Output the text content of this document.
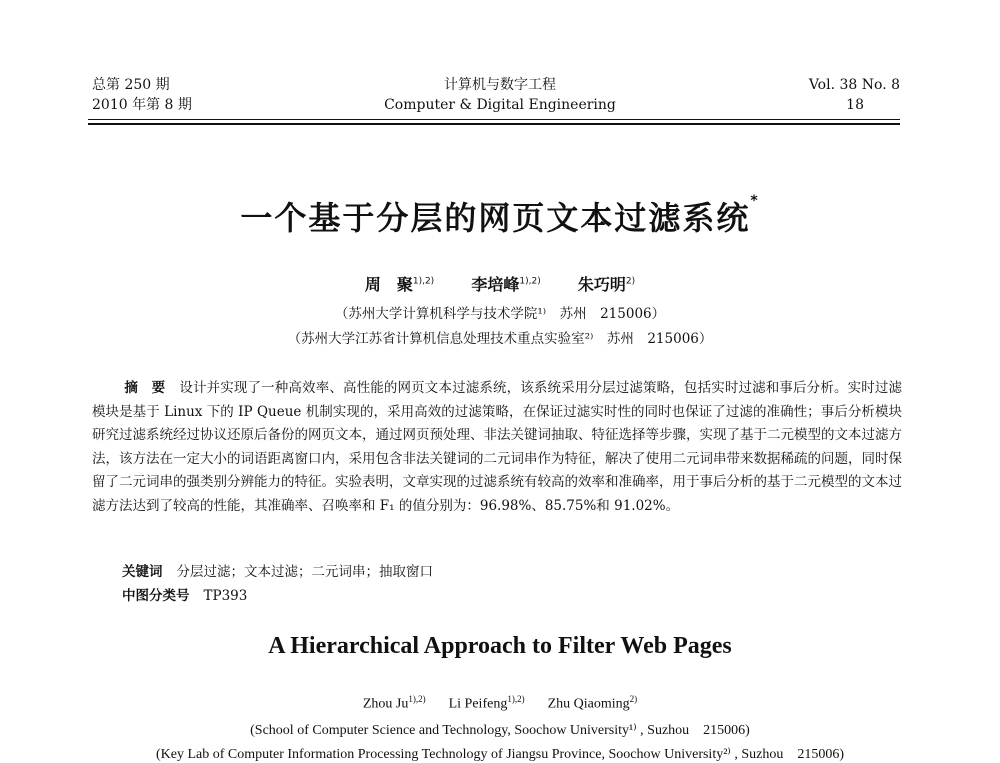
总第 250 期
2010 年第 8 期
计算机与数字工程
Computer & Digital Engineering
Vol. 38 No. 8
18
一个基于分层的网页文本过滤系统*
周　聚$^{1),2)}$ 李培峰$^{1),2)}$ 朱巧明$^{2)}$
（苏州大学计算机科学与技术学院¹⁾　苏州　215006）
（苏州大学江苏省计算机信息处理技术重点实验室²⁾　苏州　215006）

摘　要 设计并实现了一种高效率、高性能的网页文本过滤系统，该系统采用分层过滤策略，包括实时过滤和事后分析。实时过滤模块是基于 Linux 下的 IP Queue 机制实现的，采用高效的过滤策略，在保证过滤实时性的同时也保证了过滤的准确性；事后分析模块研究过滤系统经过协议还原后备份的网页文本，通过网页预处理、非法关键词抽取、特征选择等步骤，实现了基于二元模型的文本过滤方法，该方法在一定大小的词语距离窗口内，采用包含非法关键词的二元词串作为特征，解决了使用二元词串带来数据稀疏的问题，同时保留了二元词串的强类别分辨能力的特征。实验表明，文章实现的过滤系统有较高的效率和准确率，用于事后分析的基于二元模型的文本过滤方法达到了较高的性能，其准确率、召唤率和 F₁ 的值分别为：96.98%、85.75%和 91.02%。

关键词 分层过滤；文本过滤；二元词串；抽取窗口
中图分类号 TP393
A Hierarchical Approach to Filter Web Pages
Zhou $Ju^{1),2)}$ Li Peifeng$^{1),2)}$ Zhu Qiaoming$^{2)}$
(School of Computer Science and Technology, Soochow University¹⁾ , Suzhou　215006)
(Key Lab of Computer Information Processing Technology of Jiangsu Province, Soochow University²⁾ , Suzhou　215006)
